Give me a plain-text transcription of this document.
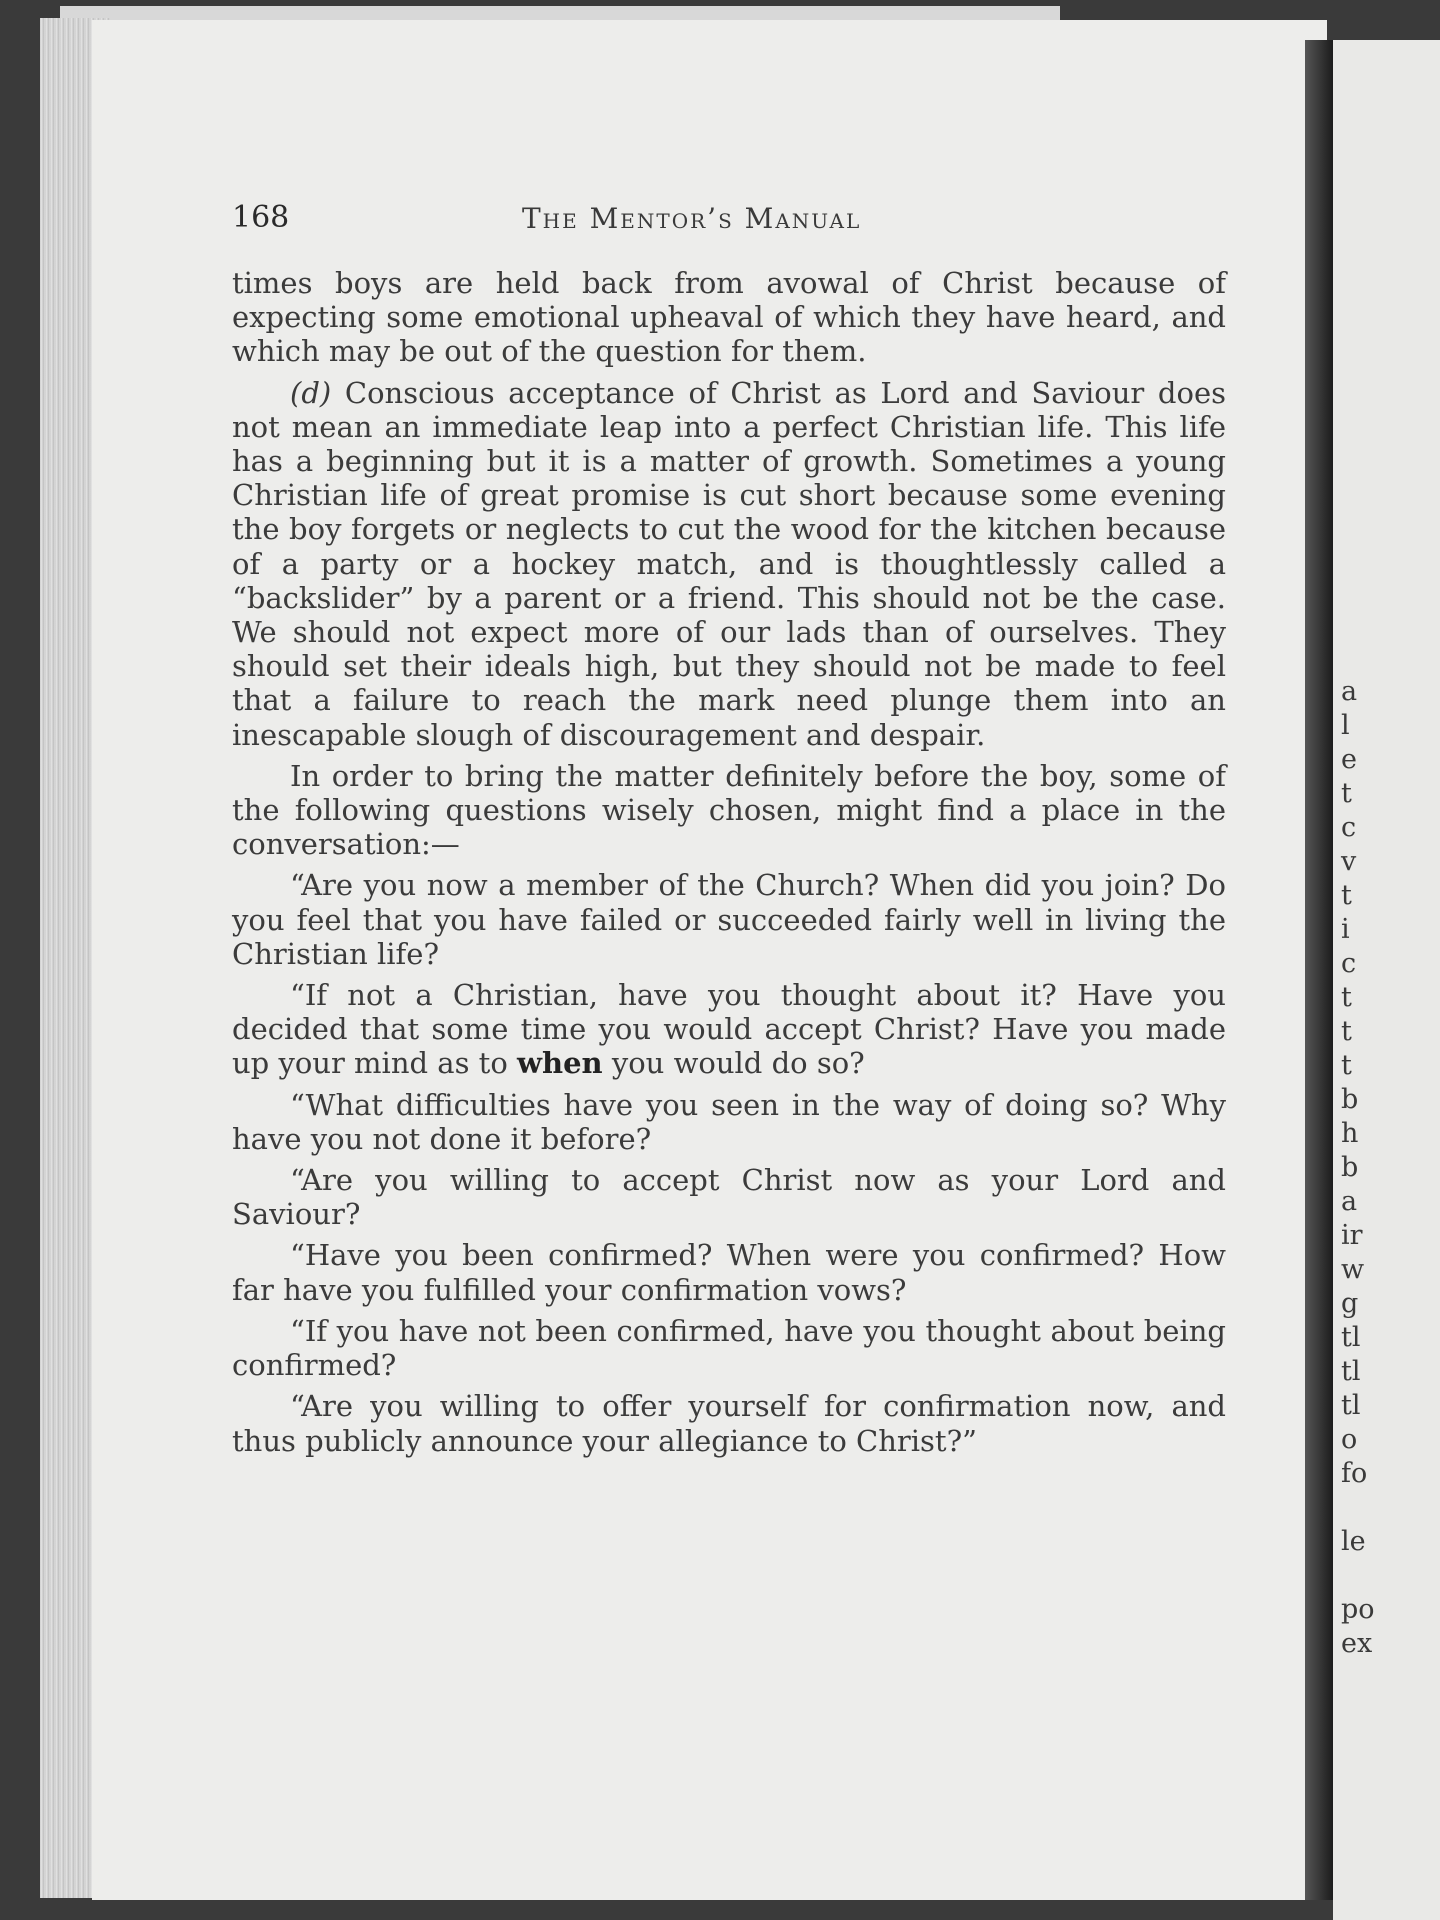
a
l
e
t
c
v
t
i
c
t
t
t
b
h
b
a
ir
w
g
tl
tl
tl
o
fo
le
po
ex
168	The Mentor’s Manual

times boys are held back from avowal of Christ because of expecting some emotional upheaval of which they have heard, and which may be out of the question for them.

(d) Conscious acceptance of Christ as Lord and Saviour does not mean an immediate leap into a perfect Christian life. This life has a beginning but it is a matter of growth. Sometimes a young Christian life of great promise is cut short because some evening the boy forgets or neglects to cut the wood for the kitchen because of a party or a hockey match, and is thoughtlessly called a “backslider” by a parent or a friend. This should not be the case. We should not expect more of our lads than of ourselves. They should set their ideals high, but they should not be made to feel that a failure to reach the mark need plunge them into an inescapable slough of discouragement and despair.

In order to bring the matter definitely before the boy, some of the following questions wisely chosen, might find a place in the conversation:—

“Are you now a member of the Church? When did you join? Do you feel that you have failed or succeeded fairly well in living the Christian life?

“If not a Christian, have you thought about it? Have you decided that some time you would accept Christ? Have you made up your mind as to when you would do so?

“What difficulties have you seen in the way of doing so? Why have you not done it before?

“Are you willing to accept Christ now as your Lord and Saviour?

“Have you been confirmed? When were you confirmed? How far have you fulfilled your confirmation vows?

“If you have not been confirmed, have you thought about being confirmed?

“Are you willing to offer yourself for confirmation now, and thus publicly announce your allegiance to Christ?”
